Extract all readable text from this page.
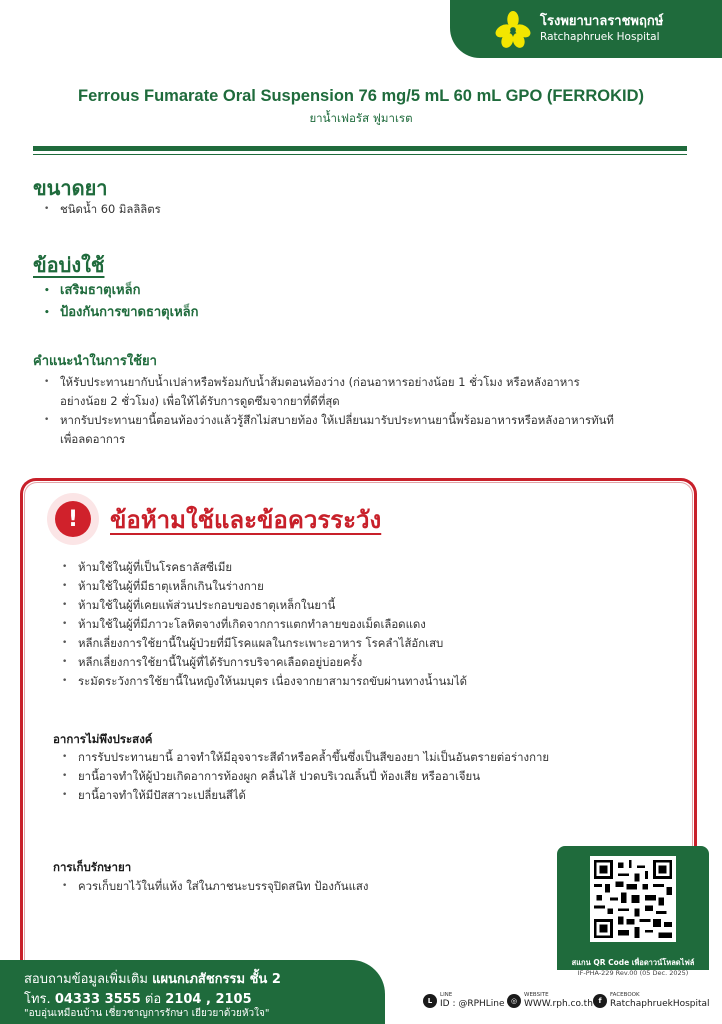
โรงพยาบาลราชพฤกษ์
Ratchaphruek Hospital
Ferrous Fumarate Oral Suspension 76 mg/5 mL 60 mL GPO (FERROKID)
ยาน้ำเฟอรัส ฟูมาเรต
ขนาดยา
• ชนิดน้ำ 60 มิลลิลิตร
ข้อบ่งใช้
• เสริมธาตุเหล็ก
• ป้องกันการขาดธาตุเหล็ก
คำแนะนำในการใช้ยา
• ให้รับประทานยากับน้ำเปล่าหรือพร้อมกับน้ำส้มตอนท้องว่าง (ก่อนอาหารอย่างน้อย 1 ชั่วโมง หรือหลังอาหาร
อย่างน้อย 2 ชั่วโมง) เพื่อให้ได้รับการดูดซึมจากยาที่ดีที่สุด
• หากรับประทานยานี้ตอนท้องว่างแล้วรู้สึกไม่สบายท้อง ให้เปลี่ยนมารับประทานยานี้พร้อมอาหารหรือหลังอาหารทันที
เพื่อลดอาการ
!	ข้อห้ามใช้และข้อควรระวัง
• ห้ามใช้ในผู้ที่เป็นโรคธาลัสซีเมีย
• ห้ามใช้ในผู้ที่มีธาตุเหล็กเกินในร่างกาย
• ห้ามใช้ในผู้ที่เคยแพ้ส่วนประกอบของธาตุเหล็กในยานี้
• ห้ามใช้ในผู้ที่มีภาวะโลหิตจางที่เกิดจากการแตกทำลายของเม็ดเลือดแดง
• หลีกเลี่ยงการใช้ยานี้ในผู้ป่วยที่มีโรคแผลในกระเพาะอาหาร โรคลำไส้อักเสบ
• หลีกเลี่ยงการใช้ยานี้ในผู้ที่ได้รับการบริจาคเลือดอยู่บ่อยครั้ง
• ระมัดระวังการใช้ยานี้ในหญิงให้นมบุตร เนื่องจากยาสามารถขับผ่านทางน้ำนมได้
อาการไม่พึงประสงค์
• การรับประทานยานี้ อาจทำให้มีอุจจาระสีดำหรือคล้ำขึ้นซึ่งเป็นสีของยา ไม่เป็นอันตรายต่อร่างกาย
• ยานี้อาจทำให้ผู้ป่วยเกิดอาการท้องผูก คลื่นไส้ ปวดบริเวณลิ้นปี่ ท้องเสีย หรืออาเจียน
• ยานี้อาจทำให้มีปัสสาวะเปลี่ยนสีได้
การเก็บรักษายา
• ควรเก็บยาไว้ในที่แห้ง ใส่ในภาชนะบรรจุปิดสนิท ป้องกันแสง
สแกน QR Code เพื่อดาวน์โหลดไฟล์
IF-PHA-229 Rev.00 (05 Dec. 2025)
สอบถามข้อมูลเพิ่มเติม แผนกเภสัชกรรม ชั้น 2
โทร. 04333 3555 ต่อ 2104 , 2105
"อบอุ่นเหมือนบ้าน เชี่ยวชาญการรักษา เยียวยาด้วยหัวใจ"
L
LINE
ID : @RPHLine ◎
WEBSITE
WWW.rph.co.th f
FACEBOOK
RatchaphruekHospital
